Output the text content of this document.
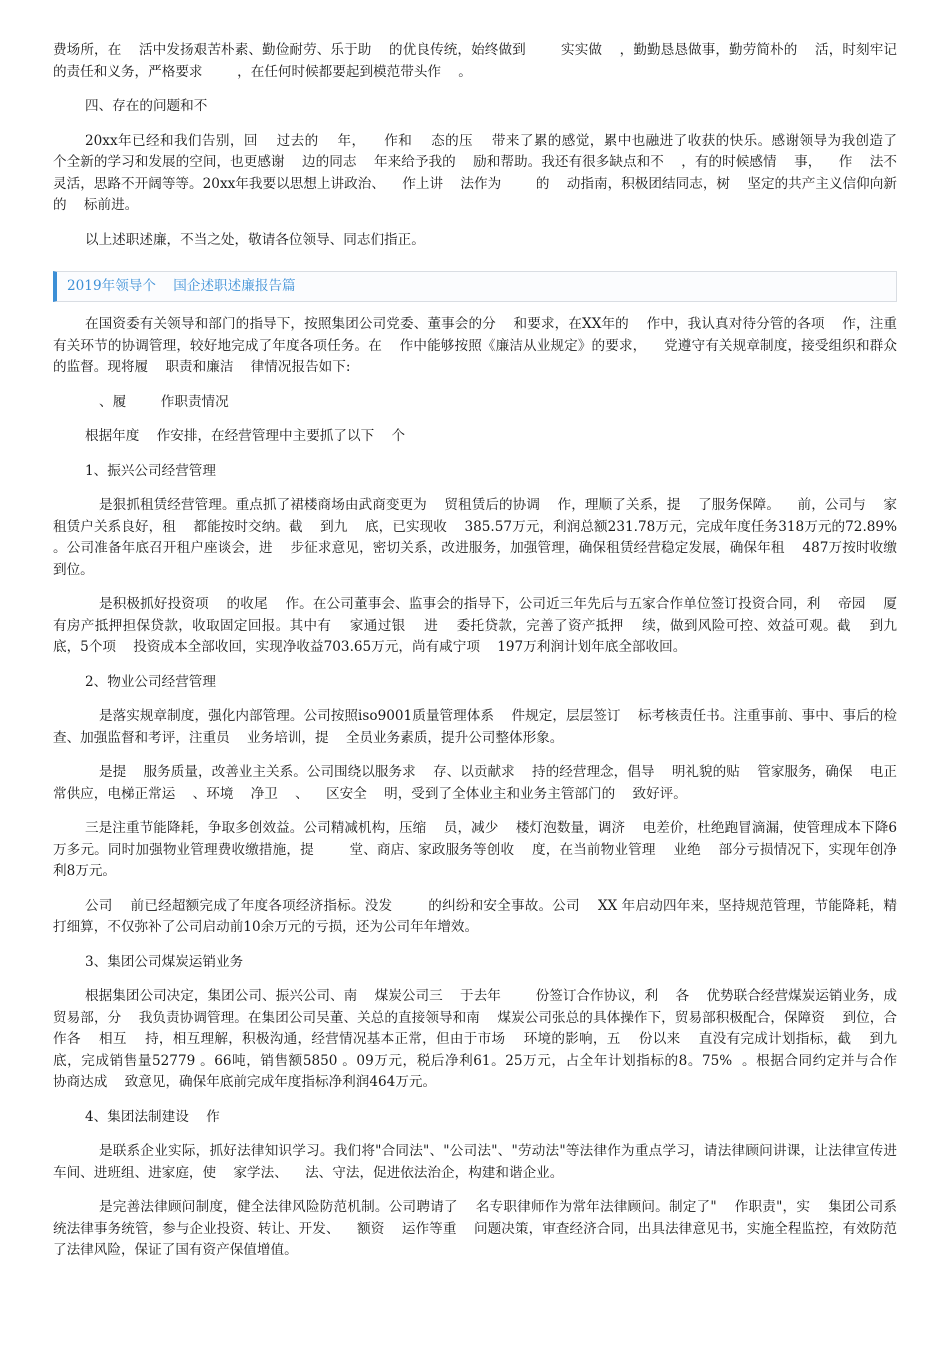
费场所，在    活中发扬艰苦朴素、勤俭耐劳、乐于助    的优良传统，始终做到        实实做    ，勤勤恳恳做事，勤劳简朴的    活，时刻牢记        的责任和义务，严格要求        ，在任何时候都要起到模范带头作    。

四、存在的问题和不

20xx年已经和我们告别，回    过去的    年，    作和    态的压    带来了累的感觉，累中也融进了收获的快乐。感谢领导为我创造了    个全新的学习和发展的空间，也更感谢    边的同志    年来给予我的    励和帮助。我还有很多缺点和不    ，有的时候感情    事，    作    法不灵活，思路不开阔等等。20xx年我要以思想上讲政治、    作上讲    法作为        的    动指南，积极团结同志，树    坚定的共产主义信仰向新的    标前进。

以上述职述廉，不当之处，敬请各位领导、同志们指正。

2019年领导个    国企述职述廉报告篇

在国资委有关领导和部门的指导下，按照集团公司党委、董事会的分    和要求，在XX年的    作中，我认真对待分管的各项    作，注重有关环节的协调管理，较好地完成了年度各项任务。在    作中能够按照《廉洁从业规定》的要求，    党遵守有关规章制度，接受组织和群众的监督。现将履    职责和廉洁    律情况报告如下:

、履        作职责情况

根据年度    作安排，在经营管理中主要抓了以下    个

1、振兴公司经营管理

是狠抓租赁经营管理。重点抓了裙楼商场由武商变更为    贸租赁后的协调    作，理顺了关系，提    了服务保障。    前，公司与    家租赁户关系良好，租    都能按时交纳。截    到九    底，已实现收    385.57万元，利润总额231.78万元，完成年度任务318万元的72.89%  。公司准备年底召开租户座谈会，进    步征求意见，密切关系，改进服务，加强管理，确保租赁经营稳定发展，确保年租    487万按时收缴到位。

是积极抓好投资项    的收尾    作。在公司董事会、监事会的指导下，公司近三年先后与五家合作单位签订投资合同，利    帝园    厦    有房产抵押担保贷款，收取固定回报。其中有    家通过银    进    委托贷款，完善了资产抵押    续，做到风险可控、效益可观。截    到九    底，5个项    投资成本全部收回，实现净收益703.65万元，尚有咸宁项    197万利润计划年底全部收回。

2、物业公司经营管理

是落实规章制度，强化内部管理。公司按照iso9001质量管理体系    件规定，层层签订    标考核责任书。注重事前、事中、事后的检查、加强监督和考评，注重员    业务培训，提    全员业务素质，提升公司整体形象。

是提    服务质量，改善业主关系。公司围绕以服务求    存、以贡献求    持的经营理念，倡导    明礼貌的贴    管家服务，确保    电正常供应，电梯正常运    、环境    净卫    、    区安全    明，受到了全体业主和业务主管部门的    致好评。

三是注重节能降耗，争取多创效益。公司精减机构，压缩    员，减少    楼灯泡数量，调济    电差价，杜绝跑冒滴漏，使管理成本下降6万多元。同时加强物业管理费收缴措施，提        堂、商店、家政服务等创收    度，在当前物业管理    业绝    部分亏损情况下，实现年创净利8万元。

公司    前已经超额完成了年度各项经济指标。没发        的纠纷和安全事故。公司    XX 年启动四年来，坚持规范管理，节能降耗，精打细算，不仅弥补了公司启动前10余万元的亏损，还为公司年年增效。

3、集团公司煤炭运销业务

根据集团公司决定，集团公司、振兴公司、南    煤炭公司三    于去年        份签订合作协议，利    各    优势联合经营煤炭运销业务，成    贸易部，分    我负责协调管理。在集团公司吴董、关总的直接领导和南    煤炭公司张总的具体操作下，贸易部积极配合，保障资    到位，合作各    相互    持，相互理解，积极沟通，经营情况基本正常，但由于市场    环境的影响，五    份以来    直没有完成计划指标，截    到九    底，完成销售量52779 。66吨，销售额5850 。09万元，税后净利61。25万元，占全年计划指标的8。75%  。根据合同约定并与合作    协商达成    致意见，确保年底前完成年度指标净利润464万元。

4、集团法制建设    作

是联系企业实际，抓好法律知识学习。我们将"合同法"、"公司法"、"劳动法"等法律作为重点学习，请法律顾问讲课，让法律宣传进车间、进班组、进家庭，使    家学法、    法、守法，促进依法治企，构建和谐企业。

是完善法律顾问制度，健全法律风险防范机制。公司聘请了    名专职律师作为常年法律顾问。制定了"    作职责"，实    集团公司系统法律事务统管，参与企业投资、转让、开发、    额资    运作等重    问题决策，审查经济合同，出具法律意见书，实施全程监控，有效防范了法律风险，保证了国有资产保值增值。
